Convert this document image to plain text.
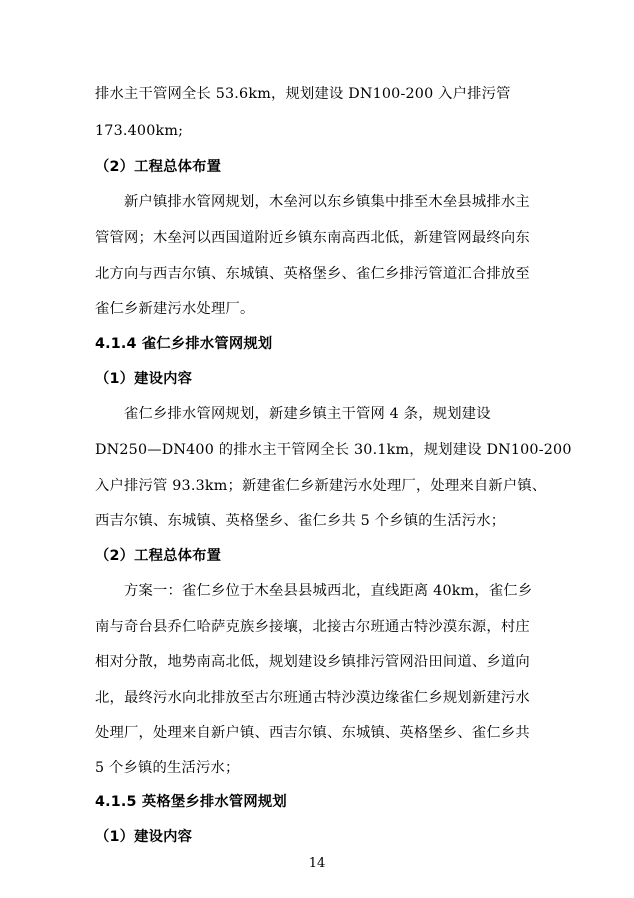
排水主干管网全长 53.6km，规划建设 DN100-200 入户排污管
173.400km;
（2）工程总体布置
新户镇排水管网规划，木垒河以东乡镇集中排至木垒县城排水主
管管网；木垒河以西国道附近乡镇东南高西北低，新建管网最终向东
北方向与西吉尔镇、东城镇、英格堡乡、雀仁乡排污管道汇合排放至
雀仁乡新建污水处理厂。
4.1.4 雀仁乡排水管网规划
（1）建设内容
雀仁乡排水管网规划，新建乡镇主干管网 4 条，规划建设
DN250—DN400 的排水主干管网全长 30.1km，规划建设 DN100-200
入户排污管 93.3km；新建雀仁乡新建污水处理厂，处理来自新户镇、
西吉尔镇、东城镇、英格堡乡、雀仁乡共 5 个乡镇的生活污水；
（2）工程总体布置
方案一：雀仁乡位于木垒县县城西北，直线距离 40km，雀仁乡
南与奇台县乔仁哈萨克族乡接壤，北接古尔班通古特沙漠东源，村庄
相对分散，地势南高北低，规划建设乡镇排污管网沿田间道、乡道向
北，最终污水向北排放至古尔班通古特沙漠边缘雀仁乡规划新建污水
处理厂，处理来自新户镇、西吉尔镇、东城镇、英格堡乡、雀仁乡共
5 个乡镇的生活污水；
4.1.5 英格堡乡排水管网规划
（1）建设内容
14
